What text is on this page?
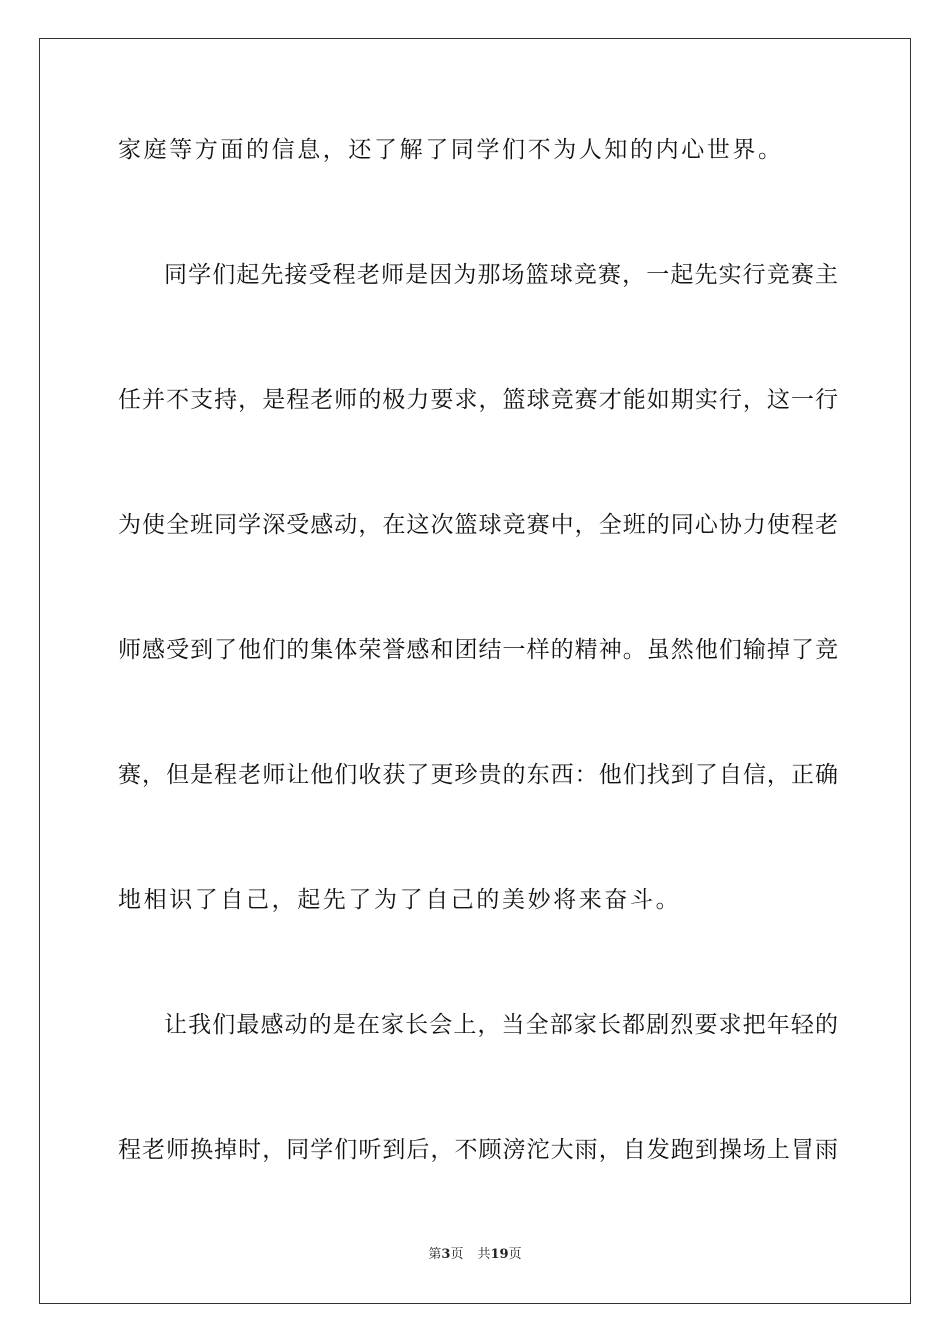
家庭等方面的信息，还了解了同学们不为人知的内心世界。
同学们起先接受程老师是因为那场篮球竞赛，一起先实行竞赛主
任并不支持，是程老师的极力要求，篮球竞赛才能如期实行，这一行
为使全班同学深受感动，在这次篮球竞赛中，全班的同心协力使程老
师感受到了他们的集体荣誉感和团结一样的精神。虽然他们输掉了竞
赛，但是程老师让他们收获了更珍贵的东西：他们找到了自信，正确
地相识了自己，起先了为了自己的美妙将来奋斗。
让我们最感动的是在家长会上，当全部家长都剧烈要求把年轻的
程老师换掉时，同学们听到后，不顾滂沱大雨，自发跑到操场上冒雨
第3页 共19页
